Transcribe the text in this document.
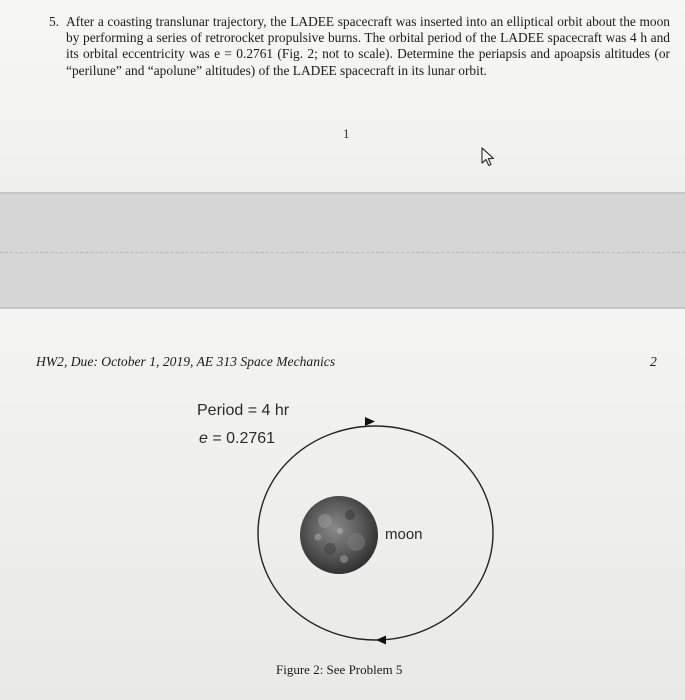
5. After a coasting translunar trajectory, the LADEE spacecraft was inserted into an elliptical orbit about the moon by performing a series of retrorocket propulsive burns. The orbital period of the LADEE spacecraft was 4 h and its orbital eccentricity was e = 0.2761 (Fig. 2; not to scale). Determine the periapsis and apoapsis altitudes (or “perilune” and “apolune” altitudes) of the LADEE spacecraft in its lunar orbit.

1
HW2, Due: October 1, 2019, AE 313 Space Mechanics	2
Period = 4 hr
e = 0.2761
moon
Figure 2: See Problem 5
